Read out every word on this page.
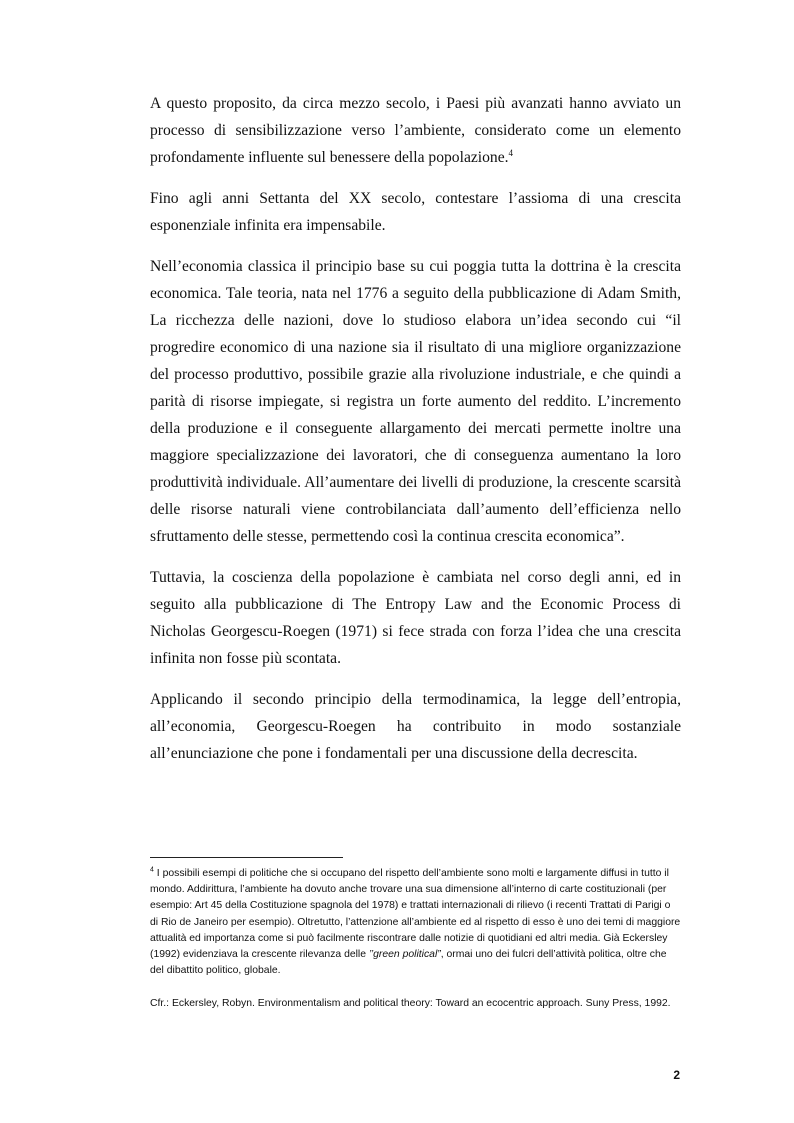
A questo proposito, da circa mezzo secolo, i Paesi più avanzati hanno avviato un processo di sensibilizzazione verso l’ambiente, considerato come un elemento profondamente influente sul benessere della popolazione.$^4$

Fino agli anni Settanta del XX secolo, contestare l’assioma di una crescita esponenziale infinita era impensabile.

Nell’economia classica il principio base su cui poggia tutta la dottrina è la crescita economica. Tale teoria, nata nel 1776 a seguito della pubblicazione di Adam Smith, La ricchezza delle nazioni, dove lo studioso elabora un’idea secondo cui “il progredire economico di una nazione sia il risultato di una migliore organizzazione del processo produttivo, possibile grazie alla rivoluzione industriale, e che quindi a parità di risorse impiegate, si registra un forte aumento del reddito. L’incremento della produzione e il conseguente allargamento dei mercati permette inoltre una maggiore specializzazione dei lavoratori, che di conseguenza aumentano la loro produttività individuale. All’aumentare dei livelli di produzione, la crescente scarsità delle risorse naturali viene controbilanciata dall’aumento dell’efficienza nello sfruttamento delle stesse, permettendo così la continua crescita economica”.

Tuttavia, la coscienza della popolazione è cambiata nel corso degli anni, ed in seguito alla pubblicazione di The Entropy Law and the Economic Process di Nicholas Georgescu-Roegen (1971) si fece strada con forza l’idea che una crescita infinita non fosse più scontata.

Applicando il secondo principio della termodinamica, la legge dell’entropia, all’economia, Georgescu-Roegen ha contribuito in modo sostanziale all’enunciazione che pone i fondamentali per una discussione della decrescita.

$^4$ I possibili esempi di politiche che si occupano del rispetto dell’ambiente sono molti e largamente diffusi in tutto il mondo. Addirittura, l’ambiente ha dovuto anche trovare una sua dimensione all’interno di carte costituzionali (per esempio: Art 45 della Costituzione spagnola del 1978) e trattati internazionali di rilievo (i recenti Trattati di Parigi o di Rio de Janeiro per esempio). Oltretutto, l’attenzione all’ambiente ed al rispetto di esso è uno dei temi di maggiore attualità ed importanza come si può facilmente riscontrare dalle notizie di quotidiani ed altri media. Già Eckersley (1992) evidenziava la crescente rilevanza delle ’’green political”, ormai uno dei fulcri dell’attività politica, oltre che del dibattito politico, globale.

Cfr.: Eckersley, Robyn. Environmentalism and political theory: Toward an ecocentric approach. Suny Press, 1992.

2
